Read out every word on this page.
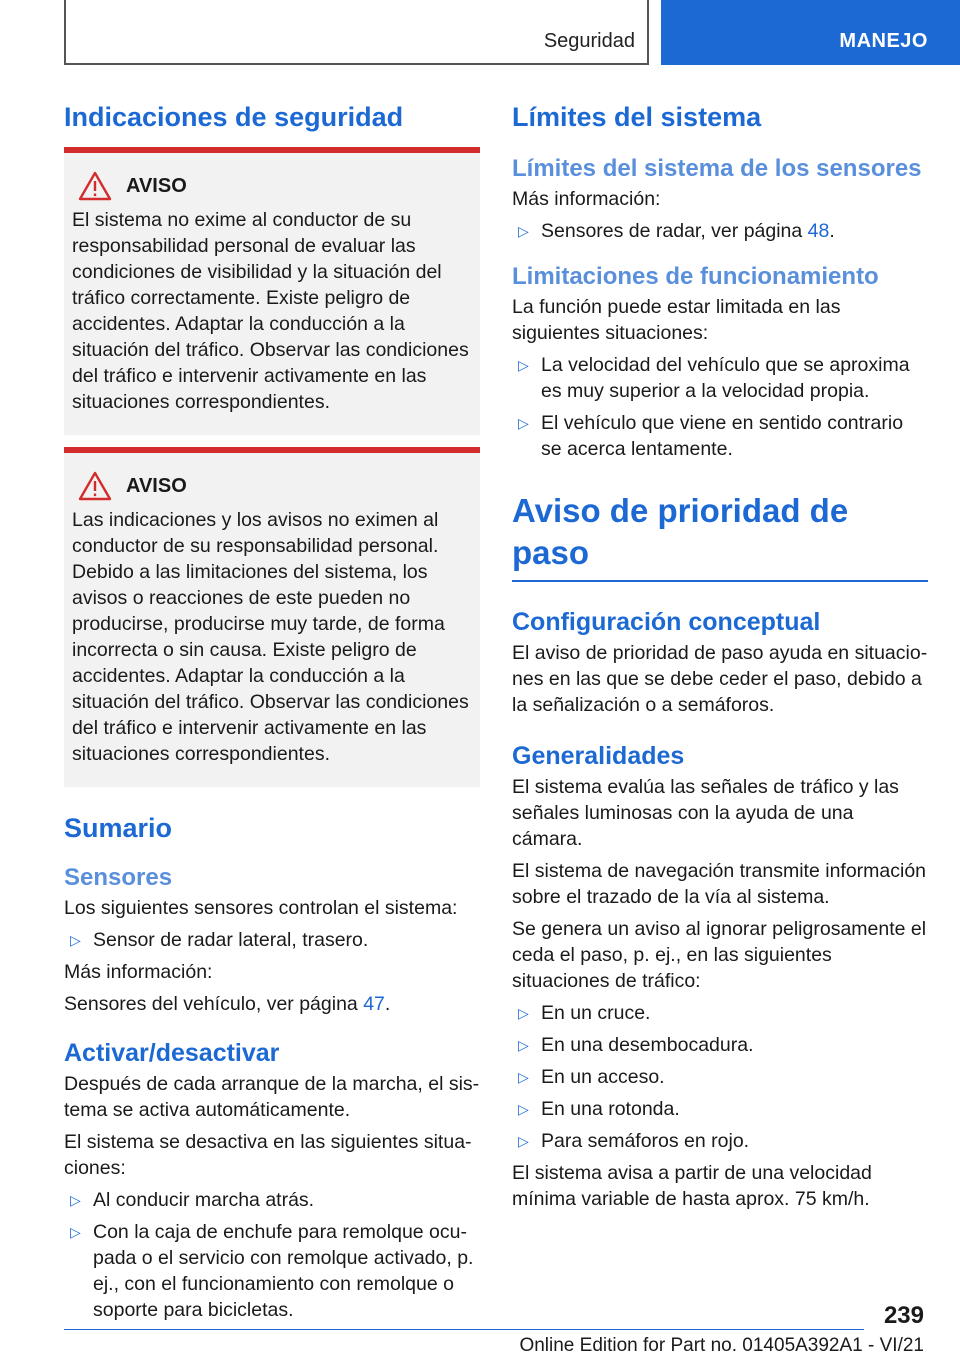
Seguridad	MANEJO
Indicaciones de seguridad
AVISO

El sistema no exime al conductor de su responsabilidad personal de evaluar las condiciones de visibilidad y la situación del tráfico correctamente. Existe peligro de accidentes. Adaptar la conducción a la situación del tráfico. Observar las condiciones del tráfico e intervenir activamente en las situaciones correspondientes.

AVISO

Las indicaciones y los avisos no eximen al conductor de su responsabilidad personal. Debido a las limitaciones del sistema, los avisos o reacciones de este pueden no producirse, producirse muy tarde, de forma incorrecta o sin causa. Existe peligro de accidentes. Adaptar la conducción a la situación del tráfico. Observar las condiciones del tráfico e intervenir activamente en las situaciones correspondientes.

Sumario
Sensores

Los siguientes sensores controlan el sistema:

▷ Sensor de radar lateral, trasero.

Más información:

Sensores del vehículo, ver página 47.

Activar/desactivar

Después de cada arranque de la marcha, el sistema se activa automáticamente.

El sistema se desactiva en las siguientes situaciones:

▷ Al conducir marcha atrás.
▷ Con la caja de enchufe para remolque ocupada o el servicio con remolque activado, p. ej., con el funcionamiento con remolque o soporte para bicicletas.
Límites del sistema
Límites del sistema de los sensores

Más información:

▷ Sensores de radar, ver página 48.
Limitaciones de funcionamiento

La función puede estar limitada en las siguientes situaciones:

▷ La velocidad del vehículo que se aproxima es muy superior a la velocidad propia.
▷ El vehículo que viene en sentido contrario se acerca lentamente.
Aviso de prioridad de paso
Configuración conceptual

El aviso de prioridad de paso ayuda en situaciones en las que se debe ceder el paso, debido a la señalización o a semáforos.

Generalidades

El sistema evalúa las señales de tráfico y las señales luminosas con la ayuda de una cámara.

El sistema de navegación transmite información sobre el trazado de la vía al sistema.

Se genera un aviso al ignorar peligrosamente el ceda el paso, p. ej., en las siguientes situaciones de tráfico:

▷ En un cruce.
▷ En una desembocadura.
▷ En un acceso.
▷ En una rotonda.
▷ Para semáforos en rojo.

El sistema avisa a partir de una velocidad mínima variable de hasta aprox. 75 km/h.

239
Online Edition for Part no. 01405A392A1 - VI/21
